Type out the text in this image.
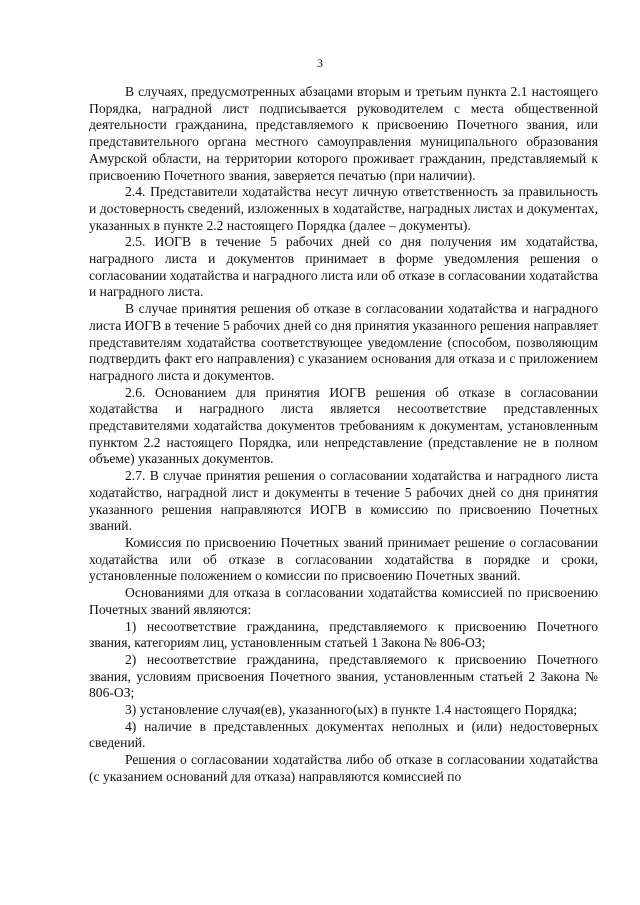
3

В случаях, предусмотренных абзацами вторым и третьим пункта 2.1 настоящего Порядка, наградной лист подписывается руководителем с места общественной деятельности гражданина, представляемого к присвоению Почетного звания, или представительного органа местного самоуправления муниципального образования Амурской области, на территории которого проживает гражданин, представляемый к присвоению Почетного звания, заверяется печатью (при наличии).

2.4. Представители ходатайства несут личную ответственность за правильность и достоверность сведений, изложенных в ходатайстве, наградных листах и документах, указанных в пункте 2.2 настоящего Порядка (далее – документы).

2.5. ИОГВ в течение 5 рабочих дней со дня получения им ходатайства, наградного листа и документов принимает в форме уведомления решения о согласовании ходатайства и наградного листа или об отказе в согласовании ходатайства и наградного листа.

В случае принятия решения об отказе в согласовании ходатайства и наградного листа ИОГВ в течение 5 рабочих дней со дня принятия указанного решения направляет представителям ходатайства соответствующее уведомление (способом, позволяющим подтвердить факт его направления) с указанием основания для отказа и с приложением наградного листа и документов.

2.6. Основанием для принятия ИОГВ решения об отказе в согласовании ходатайства и наградного листа является несоответствие представленных представителями ходатайства документов требованиям к документам, установленным пунктом 2.2 настоящего Порядка, или непредставление (представление не в полном объеме) указанных документов.

2.7. В случае принятия решения о согласовании ходатайства и наградного листа ходатайство, наградной лист и документы в течение 5 рабочих дней со дня принятия указанного решения направляются ИОГВ в комиссию по присвоению Почетных званий.

Комиссия по присвоению Почетных званий принимает решение о согласовании ходатайства или об отказе в согласовании ходатайства в порядке и сроки, установленные положением о комиссии по присвоению Почетных званий.

Основаниями для отказа в согласовании ходатайства комиссией по присвоению Почетных званий являются:

1) несоответствие гражданина, представляемого к присвоению Почетного звания, категориям лиц, установленным статьей 1 Закона № 806-ОЗ;

2) несоответствие гражданина, представляемого к присвоению Почетного звания, условиям присвоения Почетного звания, установленным статьей 2 Закона № 806-ОЗ;

3) установление случая(ев), указанного(ых) в пункте 1.4 настоящего Порядка;

4) наличие в представленных документах неполных и (или) недостоверных сведений.

Решения о согласовании ходатайства либо об отказе в согласовании ходатайства (с указанием оснований для отказа) направляются комиссией по
